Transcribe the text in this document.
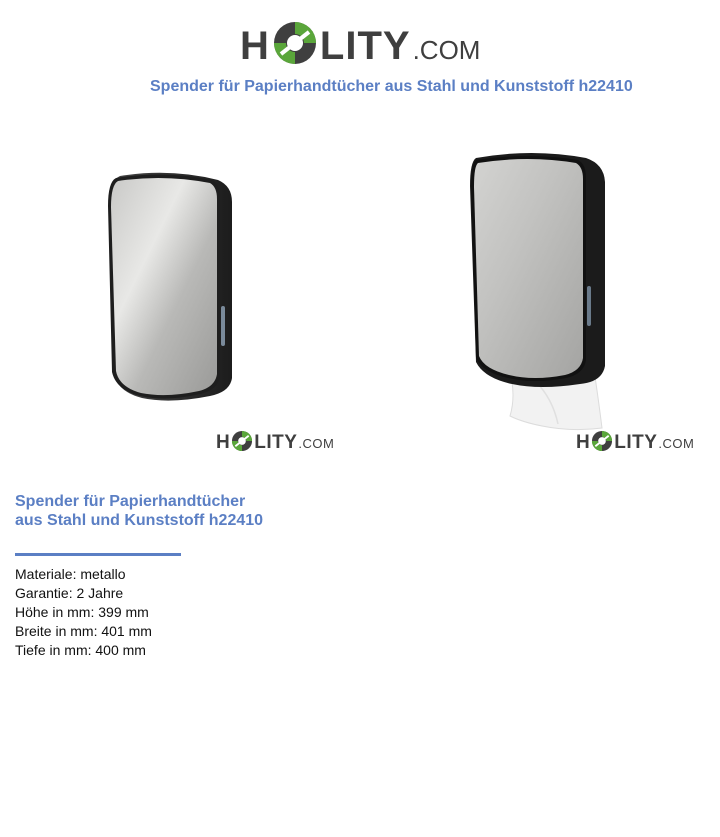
H LITY .COM
Spender für Papierhandtücher aus Stahl und Kunststoff h22410
H LITY .COM	H LITY .COM
Spender für Papierhandtücher aus Stahl und Kunststoff h22410
Materiale: metallo
Garantie: 2 Jahre
Höhe in mm: 399 mm
Breite in mm: 401 mm
Tiefe in mm: 400 mm
